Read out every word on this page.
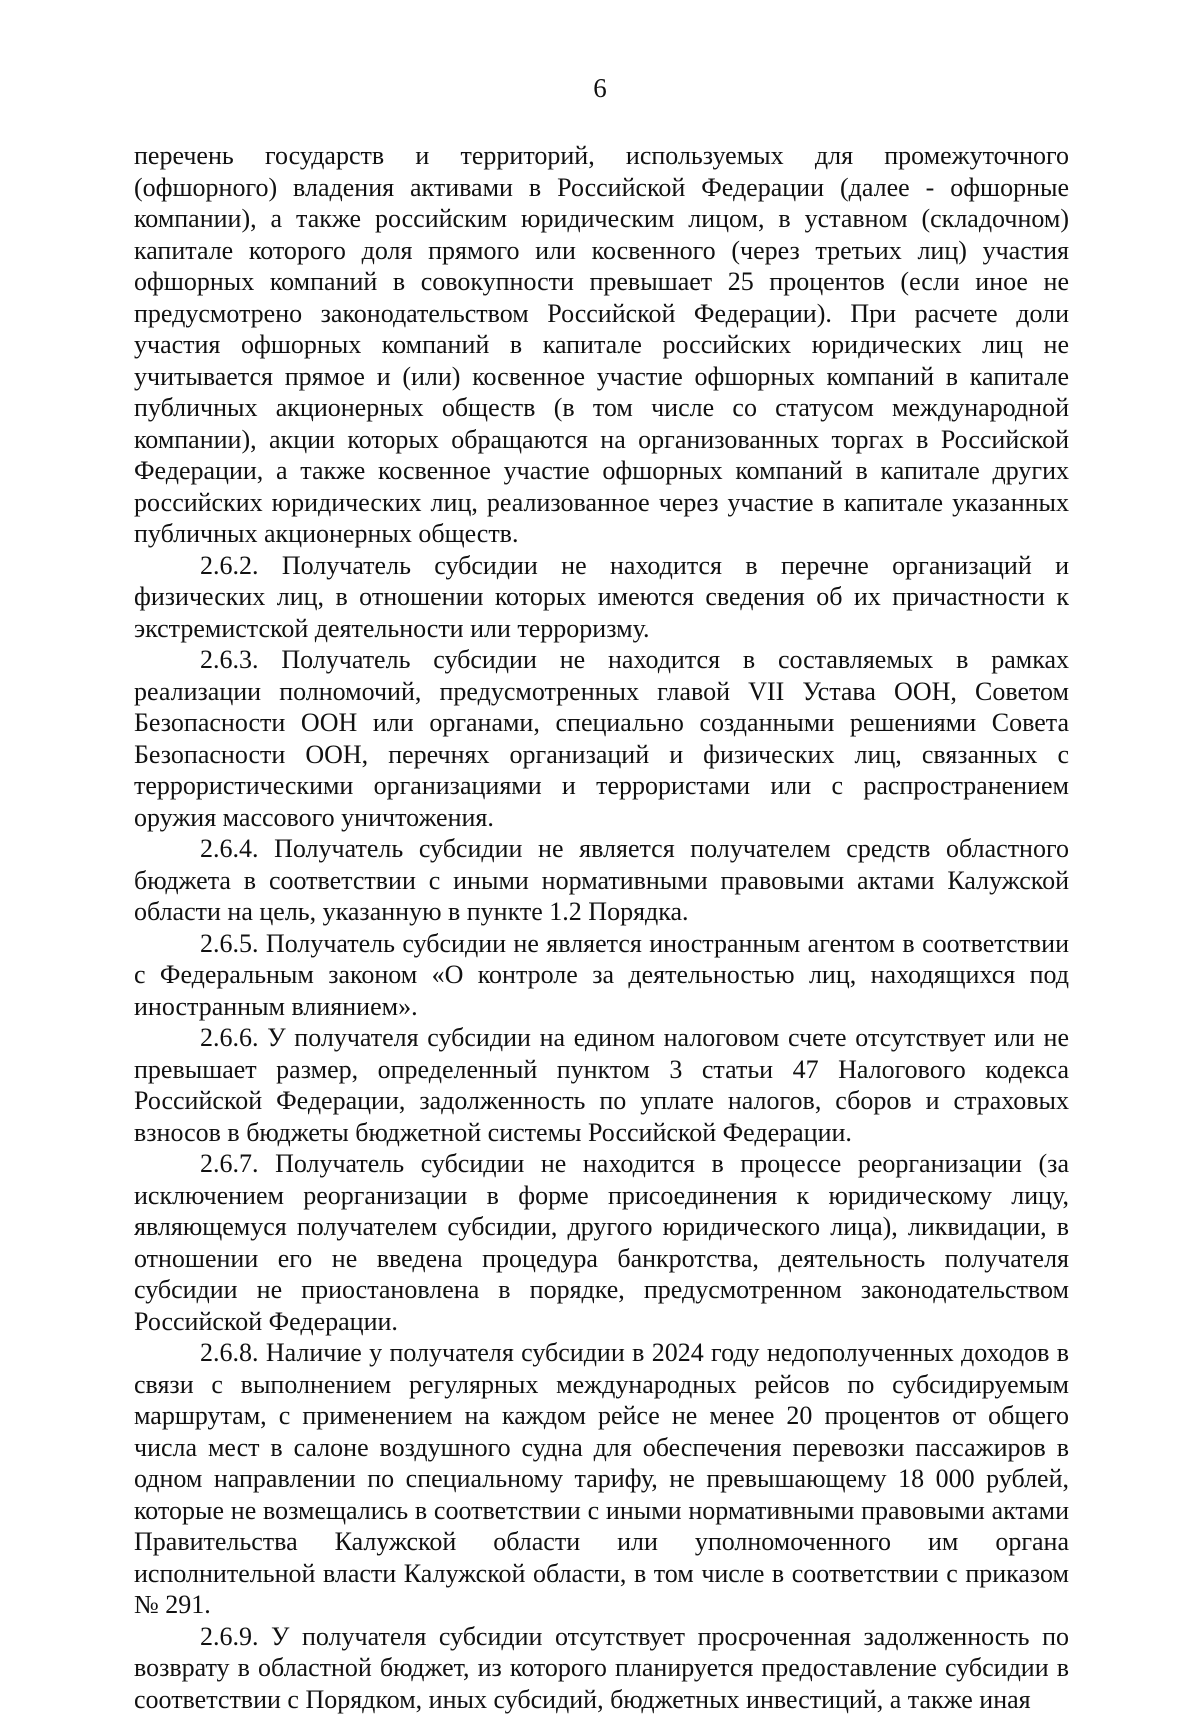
6

перечень государств и территорий, используемых для промежуточного (офшорного) владения активами в Российской Федерации (далее - офшорные компании), а также российским юридическим лицом, в уставном (складочном) капитале которого доля прямого или косвенного (через третьих лиц) участия офшорных компаний в совокупности превышает 25 процентов (если иное не предусмотрено законодательством Российской Федерации). При расчете доли участия офшорных компаний в капитале российских юридических лиц не учитывается прямое и (или) косвенное участие офшорных компаний в капитале публичных акционерных обществ (в том числе со статусом международной компании), акции которых обращаются на организованных торгах в Российской Федерации, а также косвенное участие офшорных компаний в капитале других российских юридических лиц, реализованное через участие в капитале указанных публичных акционерных обществ.

2.6.2. Получатель субсидии не находится в перечне организаций и физических лиц, в отношении которых имеются сведения об их причастности к экстремистской деятельности или терроризму.

2.6.3. Получатель субсидии не находится в составляемых в рамках реализации полномочий, предусмотренных главой VII Устава ООН, Советом Безопасности ООН или органами, специально созданными решениями Совета Безопасности ООН, перечнях организаций и физических лиц, связанных с террористическими организациями и террористами или с распространением оружия массового уничтожения.

2.6.4. Получатель субсидии не является получателем средств областного бюджета в соответствии с иными нормативными правовыми актами Калужской области на цель, указанную в пункте 1.2 Порядка.

2.6.5. Получатель субсидии не является иностранным агентом в соответствии с Федеральным законом «О контроле за деятельностью лиц, находящихся под иностранным влиянием».

2.6.6. У получателя субсидии на едином налоговом счете отсутствует или не превышает размер, определенный пунктом 3 статьи 47 Налогового кодекса Российской Федерации, задолженность по уплате налогов, сборов и страховых взносов в бюджеты бюджетной системы Российской Федерации.

2.6.7. Получатель субсидии не находится в процессе реорганизации (за исключением реорганизации в форме присоединения к юридическому лицу, являющемуся получателем субсидии, другого юридического лица), ликвидации, в отношении его не введена процедура банкротства, деятельность получателя субсидии не приостановлена в порядке, предусмотренном законодательством Российской Федерации.

2.6.8. Наличие у получателя субсидии в 2024 году недополученных доходов в связи с выполнением регулярных международных рейсов по субсидируемым маршрутам, с применением на каждом рейсе не менее 20 процентов от общего числа мест в салоне воздушного судна для обеспечения перевозки пассажиров в одном направлении по специальному тарифу, не превышающему 18 000 рублей, которые не возмещались в соответствии с иными нормативными правовыми актами Правительства Калужской области или уполномоченного им органа исполнительной власти Калужской области, в том числе в соответствии с приказом № 291.

2.6.9. У получателя субсидии отсутствует просроченная задолженность по возврату в областной бюджет, из которого планируется предоставление субсидии в соответствии с Порядком, иных субсидий, бюджетных инвестиций, а также иная
